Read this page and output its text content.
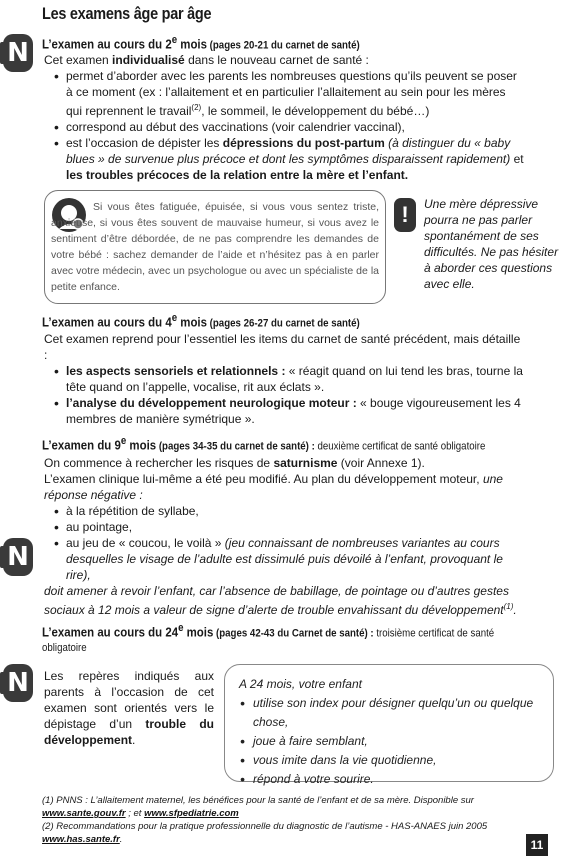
Les examens âge par âge
N	L’examen au cours du 2e mois (pages 20-21 du carnet de santé)

Cet examen individualisé dans le nouveau carnet de santé :

• permet d’aborder avec les parents les nombreuses questions qu’ils peuvent se poser à ce moment (ex : l’allaitement et en particulier l’allaitement au sein pour les mères qui reprennent le travail$^{(2)}$, le sommeil, le développement du bébé…)
• correspond au début des vaccinations (voir calendrier vaccinal),
• est l’occasion de dépister les dépressions du post-partum (à distinguer du « baby blues » de survenue plus précoce et dont les symptômes disparaissent rapidement) et les troubles précoces de la relation entre la mère et l’enfant.
Si vous êtes fatiguée, épuisée, si vous vous sentez triste, anxieuse, si vous êtes souvent de mauvaise humeur, si vous avez le sentiment d’être débordée, de ne pas comprendre les demandes de votre bébé : sachez demander de l’aide et n’hésitez pas à en parler avec votre médecin, avec un psychologue ou avec un spécialiste de la petite enfance.
!	Une mère dépressive pourra ne pas parler spontanément de ses difficultés. Ne pas hésiter à aborder ces questions avec elle.
L’examen au cours du 4e mois (pages 26-27 du carnet de santé)

Cet examen reprend pour l’essentiel les items du carnet de santé précédent, mais détaille :

• les aspects sensoriels et relationnels : « réagit quand on lui tend les bras, tourne la tête quand on l’appelle, vocalise, rit aux éclats ».
• l’analyse du développement neurologique moteur : « bouge vigoureusement les 4 membres de manière symétrique ».
L’examen du 9e mois (pages 34-35 du carnet de santé) : deuxième certificat de santé obligatoire

On commence à rechercher les risques de saturnisme (voir Annexe 1).

L’examen clinique lui-même a été peu modifié. Au plan du développement moteur, une réponse négative :

• à la répétition de syllabe,
• au pointage,
• au jeu de « coucou, le voilà » (jeu connaissant de nombreuses variantes au cours desquelles le visage de l’adulte est dissimulé puis dévoilé à l’enfant, provoquant le rire),

doit amener à revoir l’enfant, car l’absence de babillage, de pointage ou d’autres gestes sociaux à 12 mois a valeur de signe d’alerte de trouble envahissant du développement$^{(1)}$.

N
L’examen au cours du 24e mois (pages 42-43 du Carnet de santé) : troisième certificat de santé obligatoire
N	Les repères indiqués aux parents à l’occasion de cet examen sont orientés vers le dépistage d’un trouble du développement.

A 24 mois, votre enfant
• utilise son index pour désigner quelqu’un ou quelque chose,
• joue à faire semblant,
• vous imite dans la vie quotidienne,
• répond à votre sourire.
(1) PNNS : L’allaitement maternel, les bénéfices pour la santé de l’enfant et de sa mère. Disponible sur www.sante.gouv.fr ; et www.sfpediatrie.com
(2) Recommandations pour la pratique professionnelle du diagnostic de l’autisme - HAS-ANAES juin 2005 www.has.sante.fr.	11
